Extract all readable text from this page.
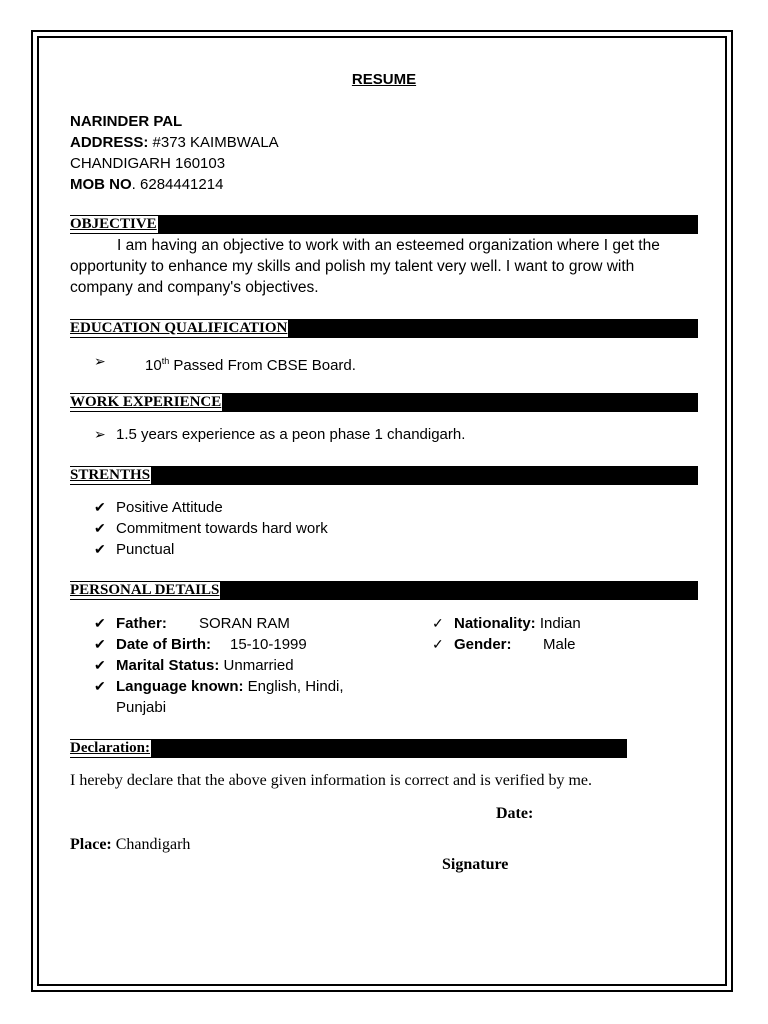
RESUME
NARINDER PAL
ADDRESS: #373 KAIMBWALA
CHANDIGARH 160103
MOB NO. 6284441214
OBJECTIVE
I am having an objective to work with an esteemed organization where I get the opportunity to enhance my skills and polish my talent very well. I want to grow with company and company's objectives.
EDUCATION QUALIFICATION
➢	10th Passed From CBSE Board.
WORK EXPERIENCE
➢ 1.5 years experience as a peon phase 1 chandigarh.
STRENTHS
✔ Positive Attitude
✔ Commitment towards hard work
✔ Punctual
PERSONAL DETAILS
✔ Father: SORAN RAM
✔ Date of Birth: 15-10-1999
✔ Marital Status: Unmarried
✔ Language known: English, Hindi,
Punjabi
✓ Nationality: Indian
✓ Gender: Male
Declaration:
I hereby declare that the above given information is correct and is verified by me.
Date:
Place: Chandigarh
Signature
